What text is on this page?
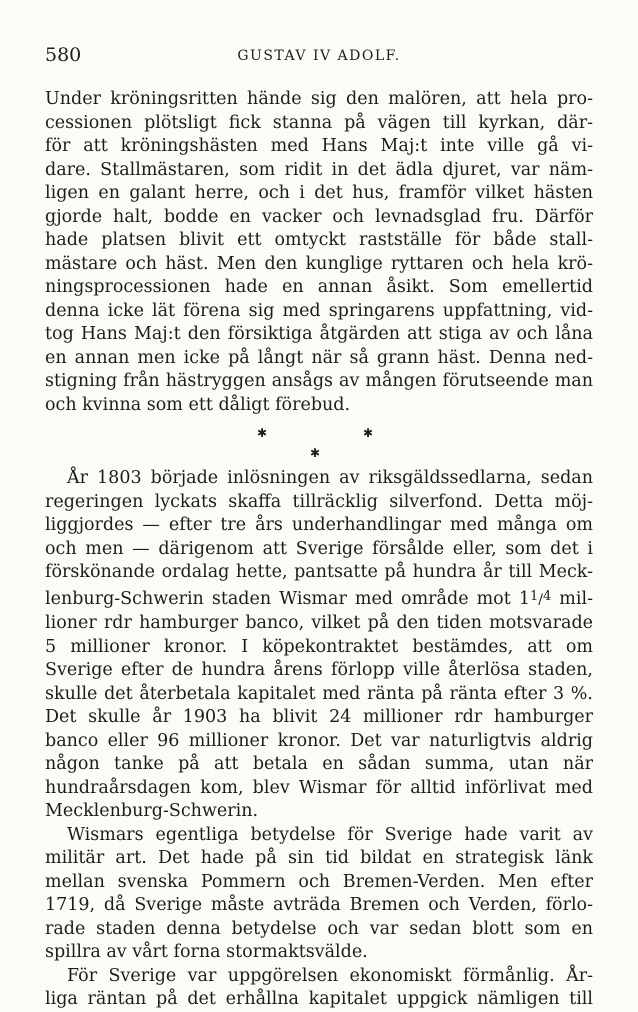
580	GUSTAV IV ADOLF.

Under kröningsritten hände sig den malören, att hela pro-

cessionen plötsligt fick stanna på vägen till kyrkan, där-

för att kröningshästen med Hans Maj:t inte ville gå vi-

dare. Stallmästaren, som ridit in det ädla djuret, var näm-

ligen en galant herre, och i det hus, framför vilket hästen

gjorde halt, bodde en vacker och levnadsglad fru. Därför

hade platsen blivit ett omtyckt rastställe för både stall-

mästare och häst. Men den kunglige ryttaren och hela krö-

ningsprocessionen hade en annan åsikt. Som emellertid

denna icke lät förena sig med springarens uppfattning, vid-

tog Hans Maj:t den försiktiga åtgärden att stiga av och låna

en annan men icke på långt när så grann häst. Denna ned-

stigning från hästryggen ansågs av mången förutseende man

och kvinna som ett dåligt förebud.

✱	✱
✱

År 1803 började inlösningen av riksgäldssedlarna, sedan

regeringen lyckats skaffa tillräcklig silverfond. Detta möj-

liggjordes — efter tre års underhandlingar med många om

och men — därigenom att Sverige försålde eller, som det i

förskönande ordalag hette, pantsatte på hundra år till Meck-

lenburg-Schwerin staden Wismar med område mot $1^1/^4$ mil-

lioner rdr hamburger banco, vilket på den tiden motsvarade

5 millioner kronor. I köpekontraktet bestämdes, att om

Sverige efter de hundra årens förlopp ville återlösa staden,

skulle det återbetala kapitalet med ränta på ränta efter 3 %.

Det skulle år 1903 ha blivit 24 millioner rdr hamburger

banco eller 96 millioner kronor. Det var naturligtvis aldrig

någon tanke på att betala en sådan summa, utan när

hundraårsdagen kom, blev Wismar för alltid införlivat med

Mecklenburg-Schwerin.

Wismars egentliga betydelse för Sverige hade varit av

militär art. Det hade på sin tid bildat en strategisk länk

mellan svenska Pommern och Bremen-Verden. Men efter

1719, då Sverige måste avträda Bremen och Verden, förlo-

rade staden denna betydelse och var sedan blott som en

spillra av vårt forna stormaktsvälde.

För Sverige var uppgörelsen ekonomiskt förmånlig. År-

liga räntan på det erhållna kapitalet uppgick nämligen till
